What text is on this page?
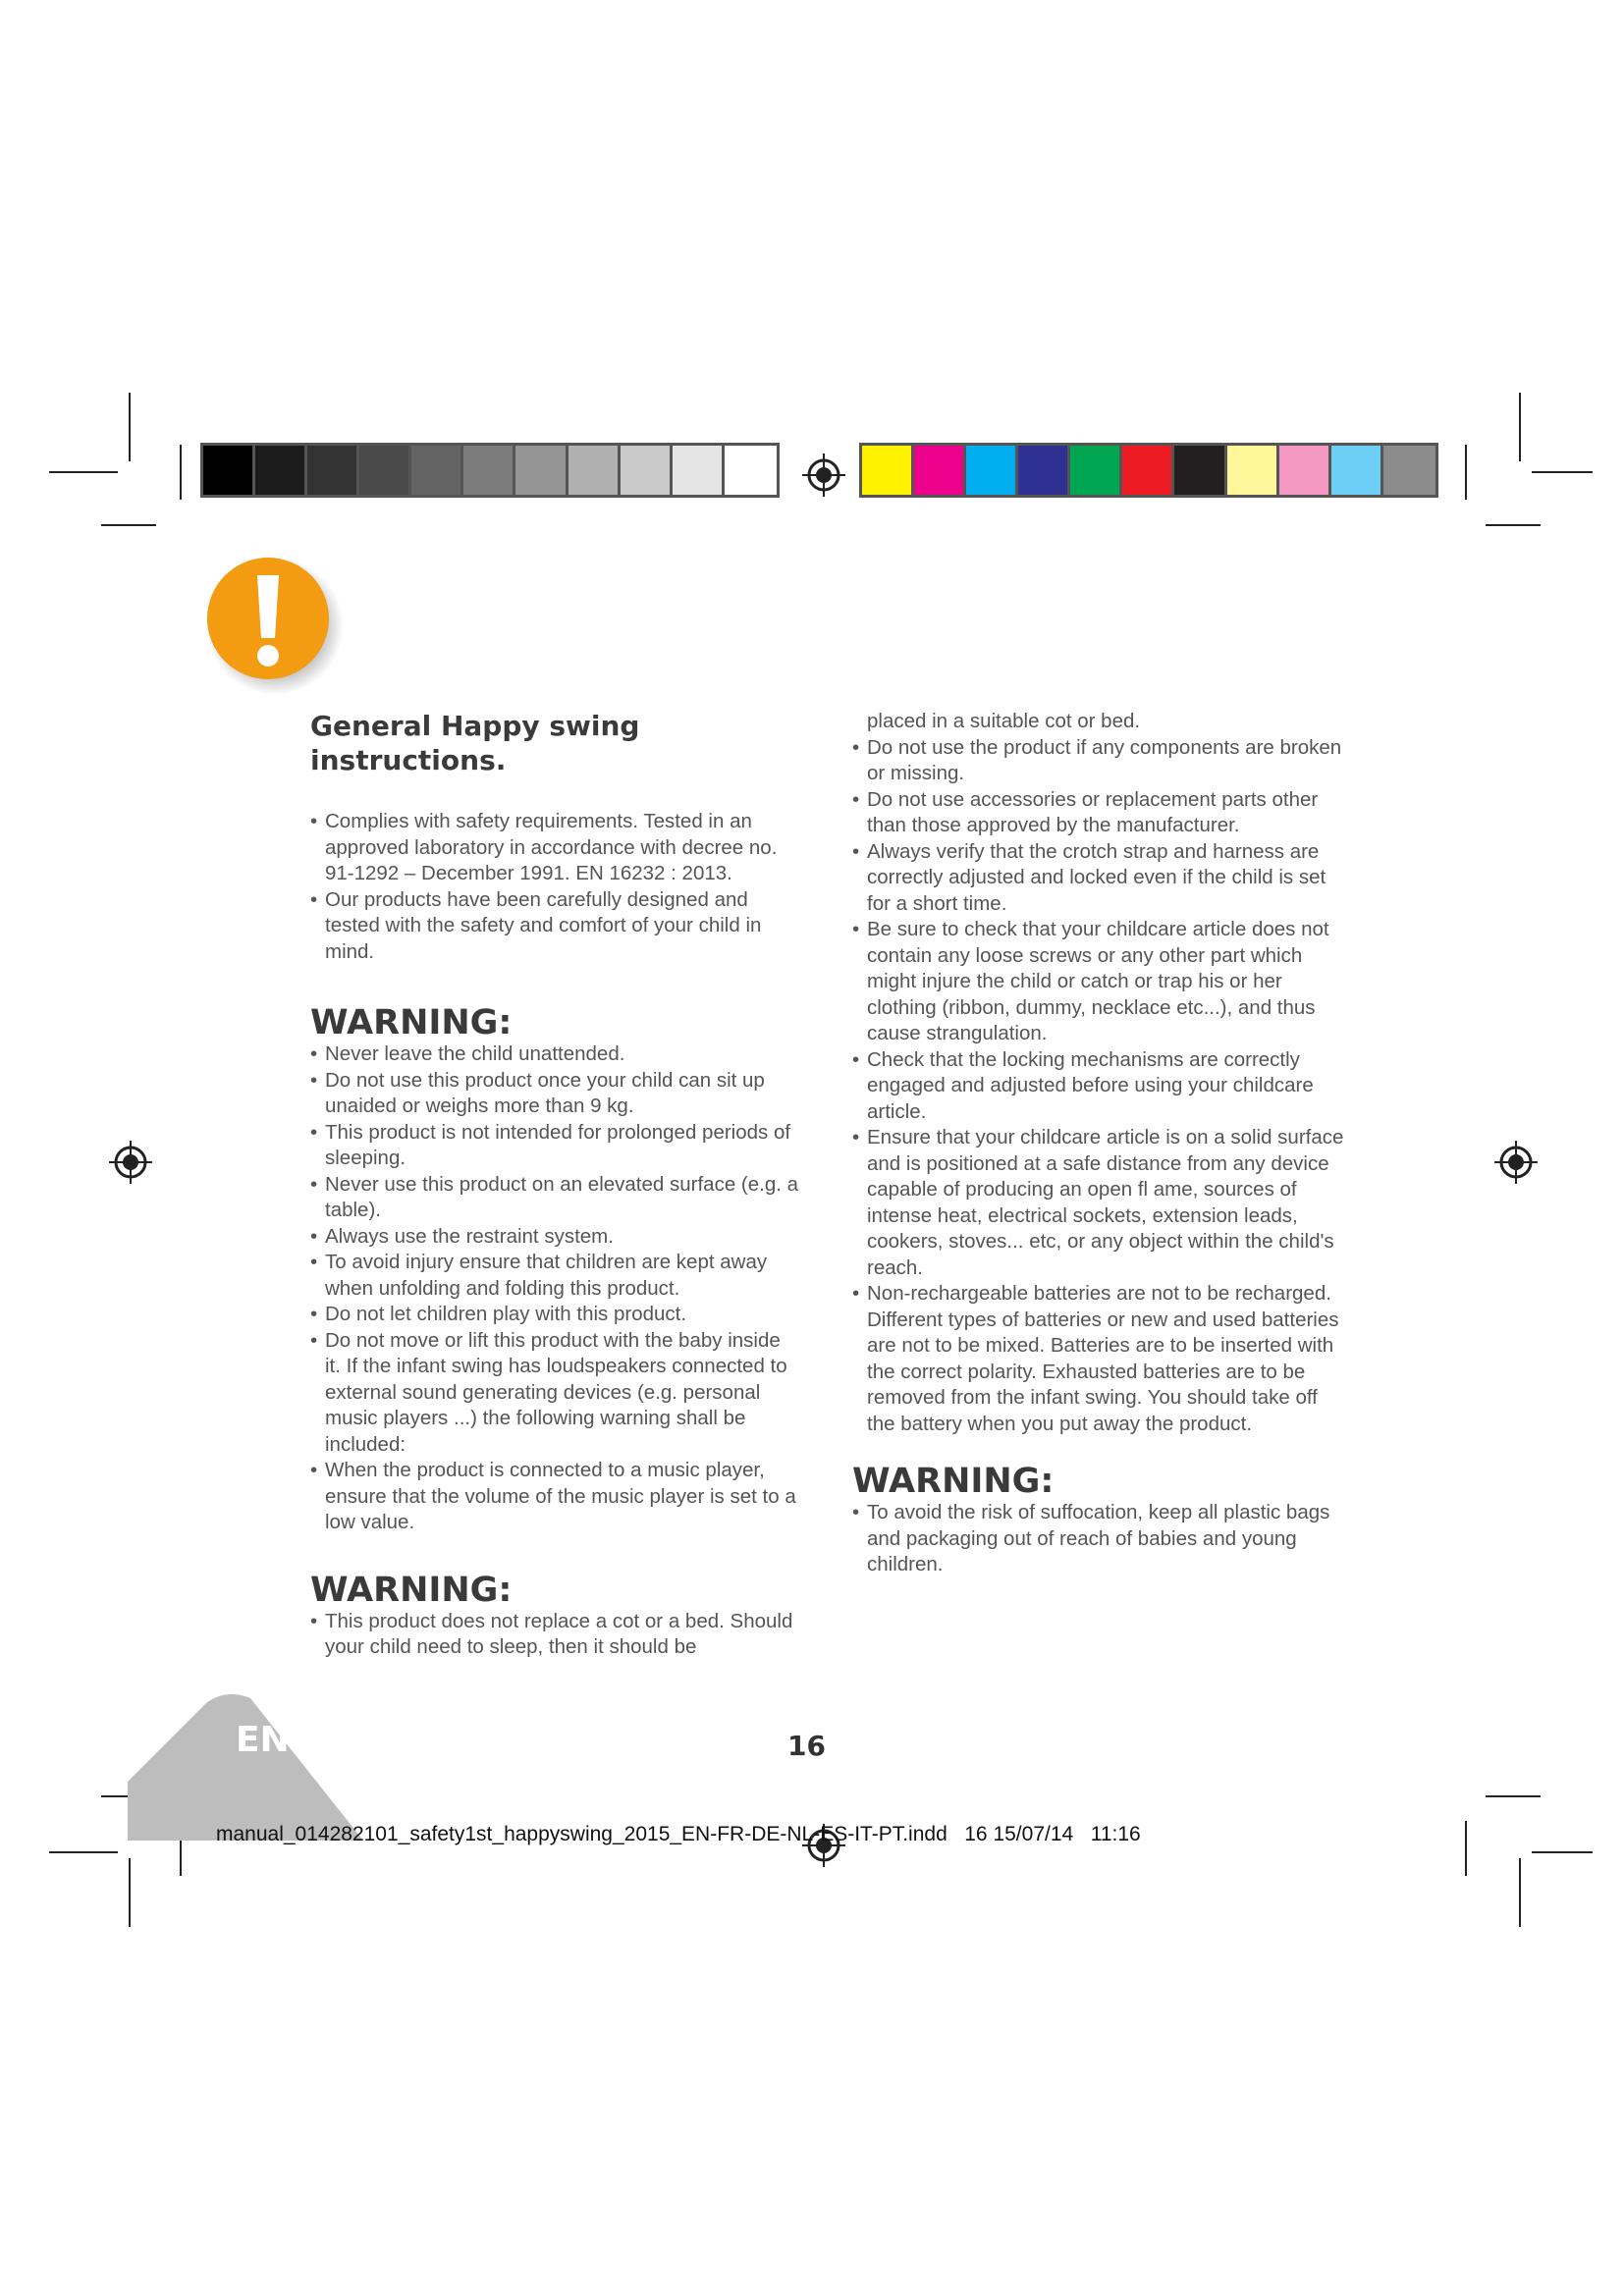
General Happy swing instructions.
• Complies with safety requirements. Tested in an approved laboratory in accordance with decree no. 91-1292 – December 1991. EN 16232 : 2013.
• Our products have been carefully designed and tested with the safety and comfort of your child in mind.
WARNING:
• Never leave the child unattended.
• Do not use this product once your child can sit up unaided or weighs more than 9 kg.
• This product is not intended for prolonged periods of sleeping.
• Never use this product on an elevated surface (e.g. a table).
• Always use the restraint system.
• To avoid injury ensure that children are kept away when unfolding and folding this product.
• Do not let children play with this product.
• Do not move or lift this product with the baby inside it. If the infant swing has loudspeakers connected to external sound generating devices (e.g. personal music players ...) the following warning shall be included:
• When the product is connected to a music player, ensure that the volume of the music player is set to a low value.
WARNING:
• This product does not replace a cot or a bed. Should your child need to sleep, then it should be
placed in a suitable cot or bed.
• Do not use the product if any components are broken or missing.
• Do not use accessories or replacement parts other than those approved by the manufacturer.
• Always verify that the crotch strap and harness are correctly adjusted and locked even if the child is set for a short time.
• Be sure to check that your childcare article does not contain any loose screws or any other part which might injure the child or catch or trap his or her clothing (ribbon, dummy, necklace etc...), and thus cause strangulation.
• Check that the locking mechanisms are correctly engaged and adjusted before using your childcare article.
• Ensure that your childcare article is on a solid surface and is positioned at a safe distance from any device capable of producing an open fl ame, sources of intense heat, electrical sockets, extension leads, cookers, stoves... etc, or any object within the child's reach.
• Non-rechargeable batteries are not to be recharged. Different types of batteries or new and used batteries are not to be mixed. Batteries are to be inserted with the correct polarity. Exhausted batteries are to be removed from the infant swing. You should take off the battery when you put away the product.
WARNING:
• To avoid the risk of suffocation, keep all plastic bags and packaging out of reach of babies and young children.
EN	16
manual_014282101_safety1st_happyswing_2015_EN-FR-DE-NL-ES-IT-PT.indd   16 15/07/14   11:16
